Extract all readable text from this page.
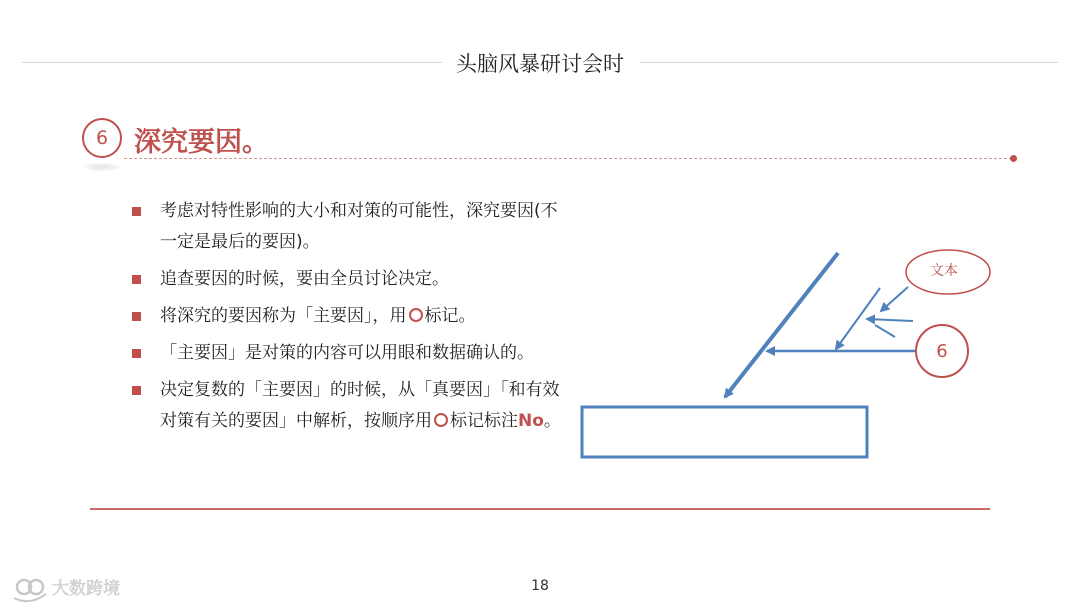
头脑风暴研讨会时
6 深究要因。
考虑对特性影响的大小和对策的可能性，深究要因(不一定是最后的要因)。
追查要因的时候，要由全员讨论决定。
将深究的要因称为「主要因」，用 ○ 标记。
「主要因」是对策的内容可以用眼和数据确认的。
决定复数的「主要因」的时候，从「真要因」「和有效对策有关的要因」中解析，按顺序用 ○ 标记标注No。
文本
6
18
大数跨境
